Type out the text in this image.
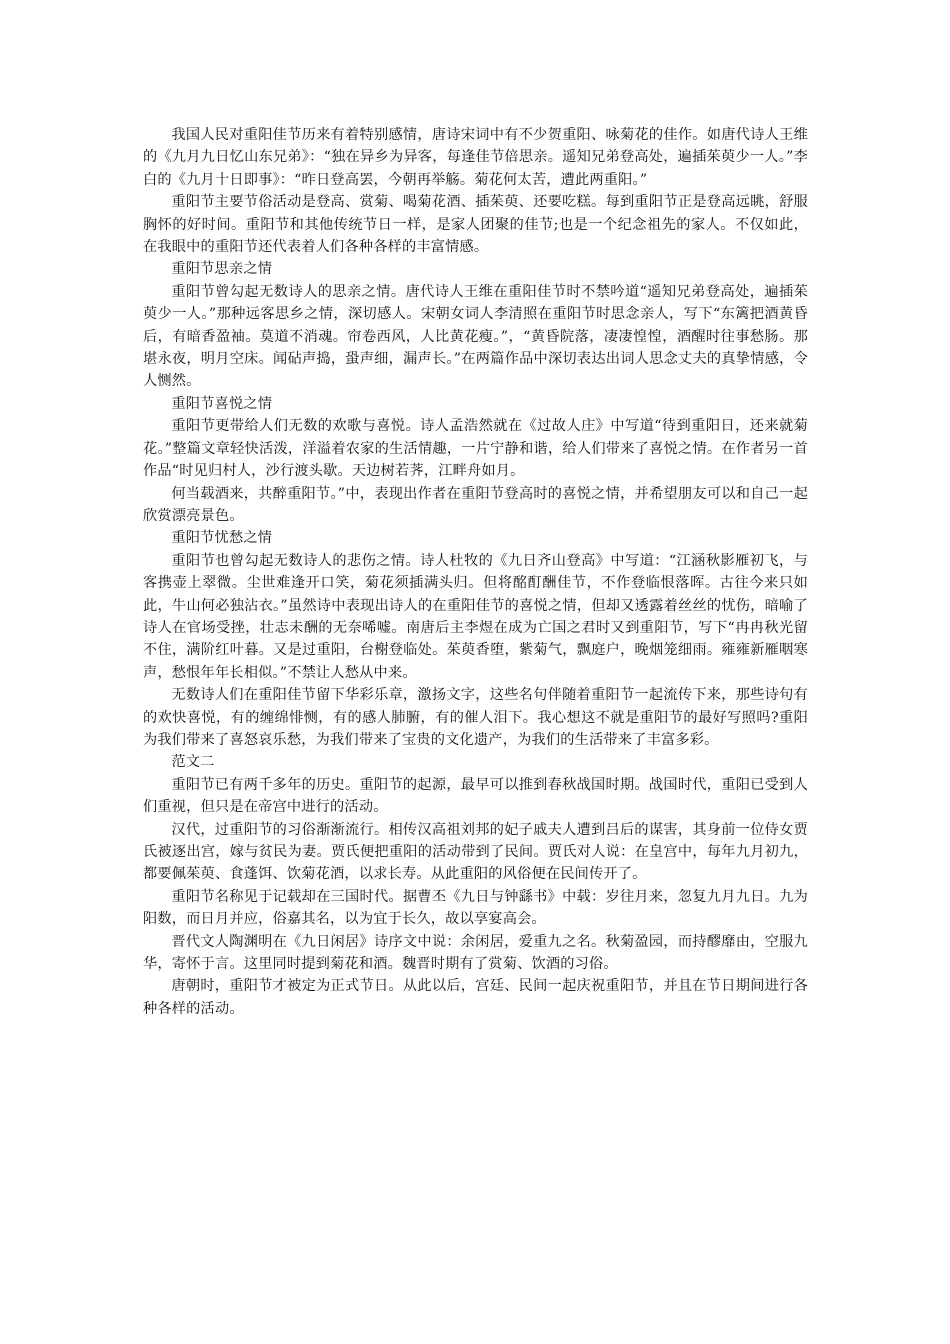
我国人民对重阳佳节历来有着特别感情，唐诗宋词中有不少贺重阳、咏菊花的佳作。如唐代诗人王维的《九月九日忆山东兄弟》：“独在异乡为异客，每逢佳节倍思亲。遥知兄弟登高处，遍插茱萸少一人。”李白的《九月十日即事》：“昨日登高罢，今朝再举觞。菊花何太苦，遭此两重阳。”

重阳节主要节俗活动是登高、赏菊、喝菊花酒、插茱萸、还要吃糕。每到重阳节正是登高远眺，舒服胸怀的好时间。重阳节和其他传统节日一样，是家人团聚的佳节;也是一个纪念祖先的家人。不仅如此，在我眼中的重阳节还代表着人们各种各样的丰富情感。

重阳节思亲之情

重阳节曾勾起无数诗人的思亲之情。唐代诗人王维在重阳佳节时不禁吟道“遥知兄弟登高处，遍插茱萸少一人。”那种远客思乡之情，深切感人。宋朝女词人李清照在重阳节时思念亲人，写下“东篱把酒黄昏后，有暗香盈袖。莫道不消魂。帘卷西风，人比黄花瘦。”，“黄昏院落，凄凄惶惶，酒醒时往事愁肠。那堪永夜，明月空床。闻砧声捣，蛩声细，漏声长。”在两篇作品中深切表达出词人思念丈夫的真挚情感，令人恻然。

重阳节喜悦之情

重阳节更带给人们无数的欢歌与喜悦。诗人孟浩然就在《过故人庄》中写道“待到重阳日，还来就菊花。”整篇文章轻快活泼，洋溢着农家的生活情趣，一片宁静和谐，给人们带来了喜悦之情。在作者另一首作品“时见归村人，沙行渡头歇。天边树若荠，江畔舟如月。

何当载酒来，共醉重阳节。”中，表现出作者在重阳节登高时的喜悦之情，并希望朋友可以和自己一起欣赏漂亮景色。

重阳节忧愁之情

重阳节也曾勾起无数诗人的悲伤之情。诗人杜牧的《九日齐山登高》中写道：“江涵秋影雁初飞，与客携壶上翠微。尘世难逢开口笑，菊花须插满头归。但将酩酊酬佳节，不作登临恨落晖。古往今来只如此，牛山何必独沾衣。”虽然诗中表现出诗人的在重阳佳节的喜悦之情，但却又透露着丝丝的忧伤，暗喻了诗人在官场受挫，壮志未酬的无奈唏嘘。南唐后主李煜在成为亡国之君时又到重阳节，写下“冉冉秋光留不住，满阶红叶暮。又是过重阳，台榭登临处。茱萸香堕，紫菊气，飘庭户，晚烟笼细雨。雍雍新雁咽寒声，愁恨年年长相似。”不禁让人愁从中来。

无数诗人们在重阳佳节留下华彩乐章，激扬文字，这些名句伴随着重阳节一起流传下来，那些诗句有的欢快喜悦，有的缠绵悱恻，有的感人肺腑，有的催人泪下。我心想这不就是重阳节的最好写照吗?重阳为我们带来了喜怒哀乐愁，为我们带来了宝贵的文化遗产，为我们的生活带来了丰富多彩。

范文二

重阳节已有两千多年的历史。重阳节的起源，最早可以推到春秋战国时期。战国时代，重阳已受到人们重视，但只是在帝宫中进行的活动。

汉代，过重阳节的习俗渐渐流行。相传汉高祖刘邦的妃子戚夫人遭到吕后的谋害，其身前一位侍女贾氏被逐出宫，嫁与贫民为妻。贾氏便把重阳的活动带到了民间。贾氏对人说：在皇宫中，每年九月初九，都要佩茱萸、食蓬饵、饮菊花酒，以求长寿。从此重阳的风俗便在民间传开了。

重阳节名称见于记载却在三国时代。据曹丕《九日与钟繇书》中载：岁往月来，忽复九月九日。九为阳数，而日月并应，俗嘉其名，以为宜于长久，故以享宴高会。

晋代文人陶渊明在《九日闲居》诗序文中说：余闲居，爱重九之名。秋菊盈园，而持醪靡由，空服九华，寄怀于言。这里同时提到菊花和酒。魏晋时期有了赏菊、饮酒的习俗。

唐朝时，重阳节才被定为正式节日。从此以后，宫廷、民间一起庆祝重阳节，并且在节日期间进行各种各样的活动。
